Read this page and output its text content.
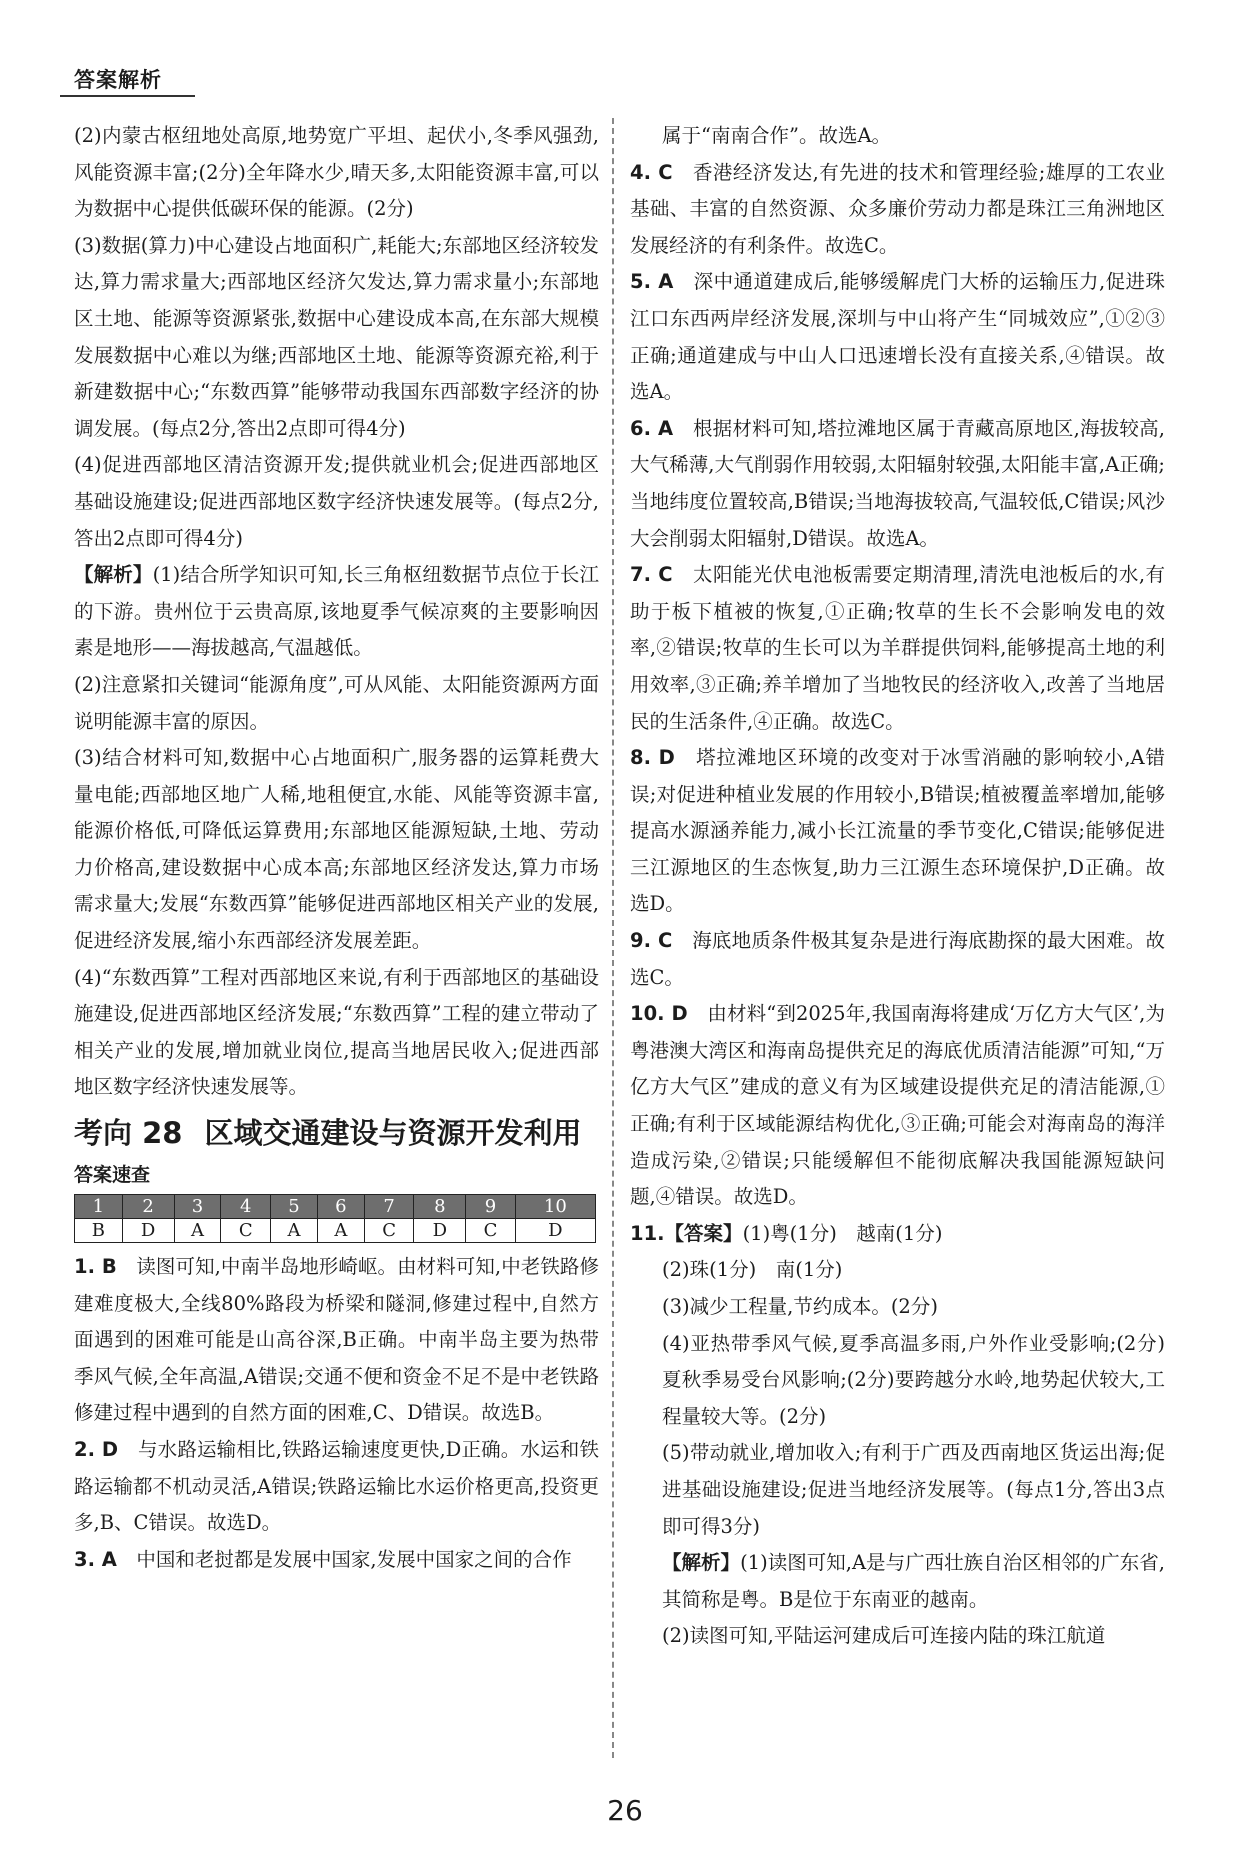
答案解析

(2)内蒙古枢纽地处高原,地势宽广平坦、起伏小,冬季风强劲,风能资源丰富;(2分)全年降水少,晴天多,太阳能资源丰富,可以为数据中心提供低碳环保的能源。(2分)

(3)数据(算力)中心建设占地面积广,耗能大;东部地区经济较发达,算力需求量大;西部地区经济欠发达,算力需求量小;东部地区土地、能源等资源紧张,数据中心建设成本高,在东部大规模发展数据中心难以为继;西部地区土地、能源等资源充裕,利于新建数据中心;“东数西算”能够带动我国东西部数字经济的协调发展。(每点2分,答出2点即可得4分)

(4)促进西部地区清洁资源开发;提供就业机会;促进西部地区基础设施建设;促进西部地区数字经济快速发展等。(每点2分,答出2点即可得4分)

【解析】(1)结合所学知识可知,长三角枢纽数据节点位于长江的下游。贵州位于云贵高原,该地夏季气候凉爽的主要影响因素是地形——海拔越高,气温越低。

(2)注意紧扣关键词“能源角度”,可从风能、太阳能资源两方面说明能源丰富的原因。

(3)结合材料可知,数据中心占地面积广,服务器的运算耗费大量电能;西部地区地广人稀,地租便宜,水能、风能等资源丰富,能源价格低,可降低运算费用;东部地区能源短缺,土地、劳动力价格高,建设数据中心成本高;东部地区经济发达,算力市场需求量大;发展“东数西算”能够促进西部地区相关产业的发展,促进经济发展,缩小东西部经济发展差距。

(4)“东数西算”工程对西部地区来说,有利于西部地区的基础设施建设,促进西部地区经济发展;“东数西算”工程的建立带动了相关产业的发展,增加就业岗位,提高当地居民收入;促进西部地区数字经济快速发展等。

考向 28 区域交通建设与资源开发利用
答案速查
1	2	3	4	5	6	7	8	9	10
B	D	A	C	A	A	C	D	C	D

1. B　 读图可知,中南半岛地形崎岖。由材料可知,中老铁路修建难度极大,全线80%路段为桥梁和隧洞,修建过程中,自然方面遇到的困难可能是山高谷深,B正确。中南半岛主要为热带季风气候,全年高温,A错误;交通不便和资金不足不是中老铁路修建过程中遇到的自然方面的困难,C、D错误。故选B。

2. D　 与水路运输相比,铁路运输速度更快,D正确。水运和铁路运输都不机动灵活,A错误;铁路运输比水运价格更高,投资更多,B、C错误。故选D。

3. A　 中国和老挝都是发展中国家,发展中国家之间的合作

属于“南南合作”。故选A。

4. C　 香港经济发达,有先进的技术和管理经验;雄厚的工农业基础、丰富的自然资源、众多廉价劳动力都是珠江三角洲地区发展经济的有利条件。故选C。

5. A　 深中通道建成后,能够缓解虎门大桥的运输压力,促进珠江口东西两岸经济发展,深圳与中山将产生“同城效应”,①②③正确;通道建成与中山人口迅速增长没有直接关系,④错误。故选A。

6. A　 根据材料可知,塔拉滩地区属于青藏高原地区,海拔较高,大气稀薄,大气削弱作用较弱,太阳辐射较强,太阳能丰富,A正确;当地纬度位置较高,B错误;当地海拔较高,气温较低,C错误;风沙大会削弱太阳辐射,D错误。故选A。

7. C　 太阳能光伏电池板需要定期清理,清洗电池板后的水,有助于板下植被的恢复,①正确;牧草的生长不会影响发电的效率,②错误;牧草的生长可以为羊群提供饲料,能够提高土地的利用效率,③正确;养羊增加了当地牧民的经济收入,改善了当地居民的生活条件,④正确。故选C。

8. D　 塔拉滩地区环境的改变对于冰雪消融的影响较小,A错误;对促进种植业发展的作用较小,B错误;植被覆盖率增加,能够提高水源涵养能力,减小长江流量的季节变化,C错误;能够促进三江源地区的生态恢复,助力三江源生态环境保护,D正确。故选D。

9. C　 海底地质条件极其复杂是进行海底勘探的最大困难。故选C。

10. D　 由材料“到2025年,我国南海将建成‘万亿方大气区’,为粤港澳大湾区和海南岛提供充足的海底优质清洁能源”可知,“万亿方大气区”建成的意义有为区域建设提供充足的清洁能源,①正确;有利于区域能源结构优化,③正确;可能会对海南岛的海洋造成污染,②错误;只能缓解但不能彻底解决我国能源短缺问题,④错误。故选D。

11.【答案】(1)粤(1分)　越南(1分)

(2)珠(1分)　南(1分)

(3)减少工程量,节约成本。(2分)

(4)亚热带季风气候,夏季高温多雨,户外作业受影响;(2分)夏秋季易受台风影响;(2分)要跨越分水岭,地势起伏较大,工程量较大等。(2分)

(5)带动就业,增加收入;有利于广西及西南地区货运出海;促进基础设施建设;促进当地经济发展等。(每点1分,答出3点即可得3分)

【解析】(1)读图可知,A是与广西壮族自治区相邻的广东省,其简称是粤。B是位于东南亚的越南。

(2)读图可知,平陆运河建成后可连接内陆的珠江航道

26
